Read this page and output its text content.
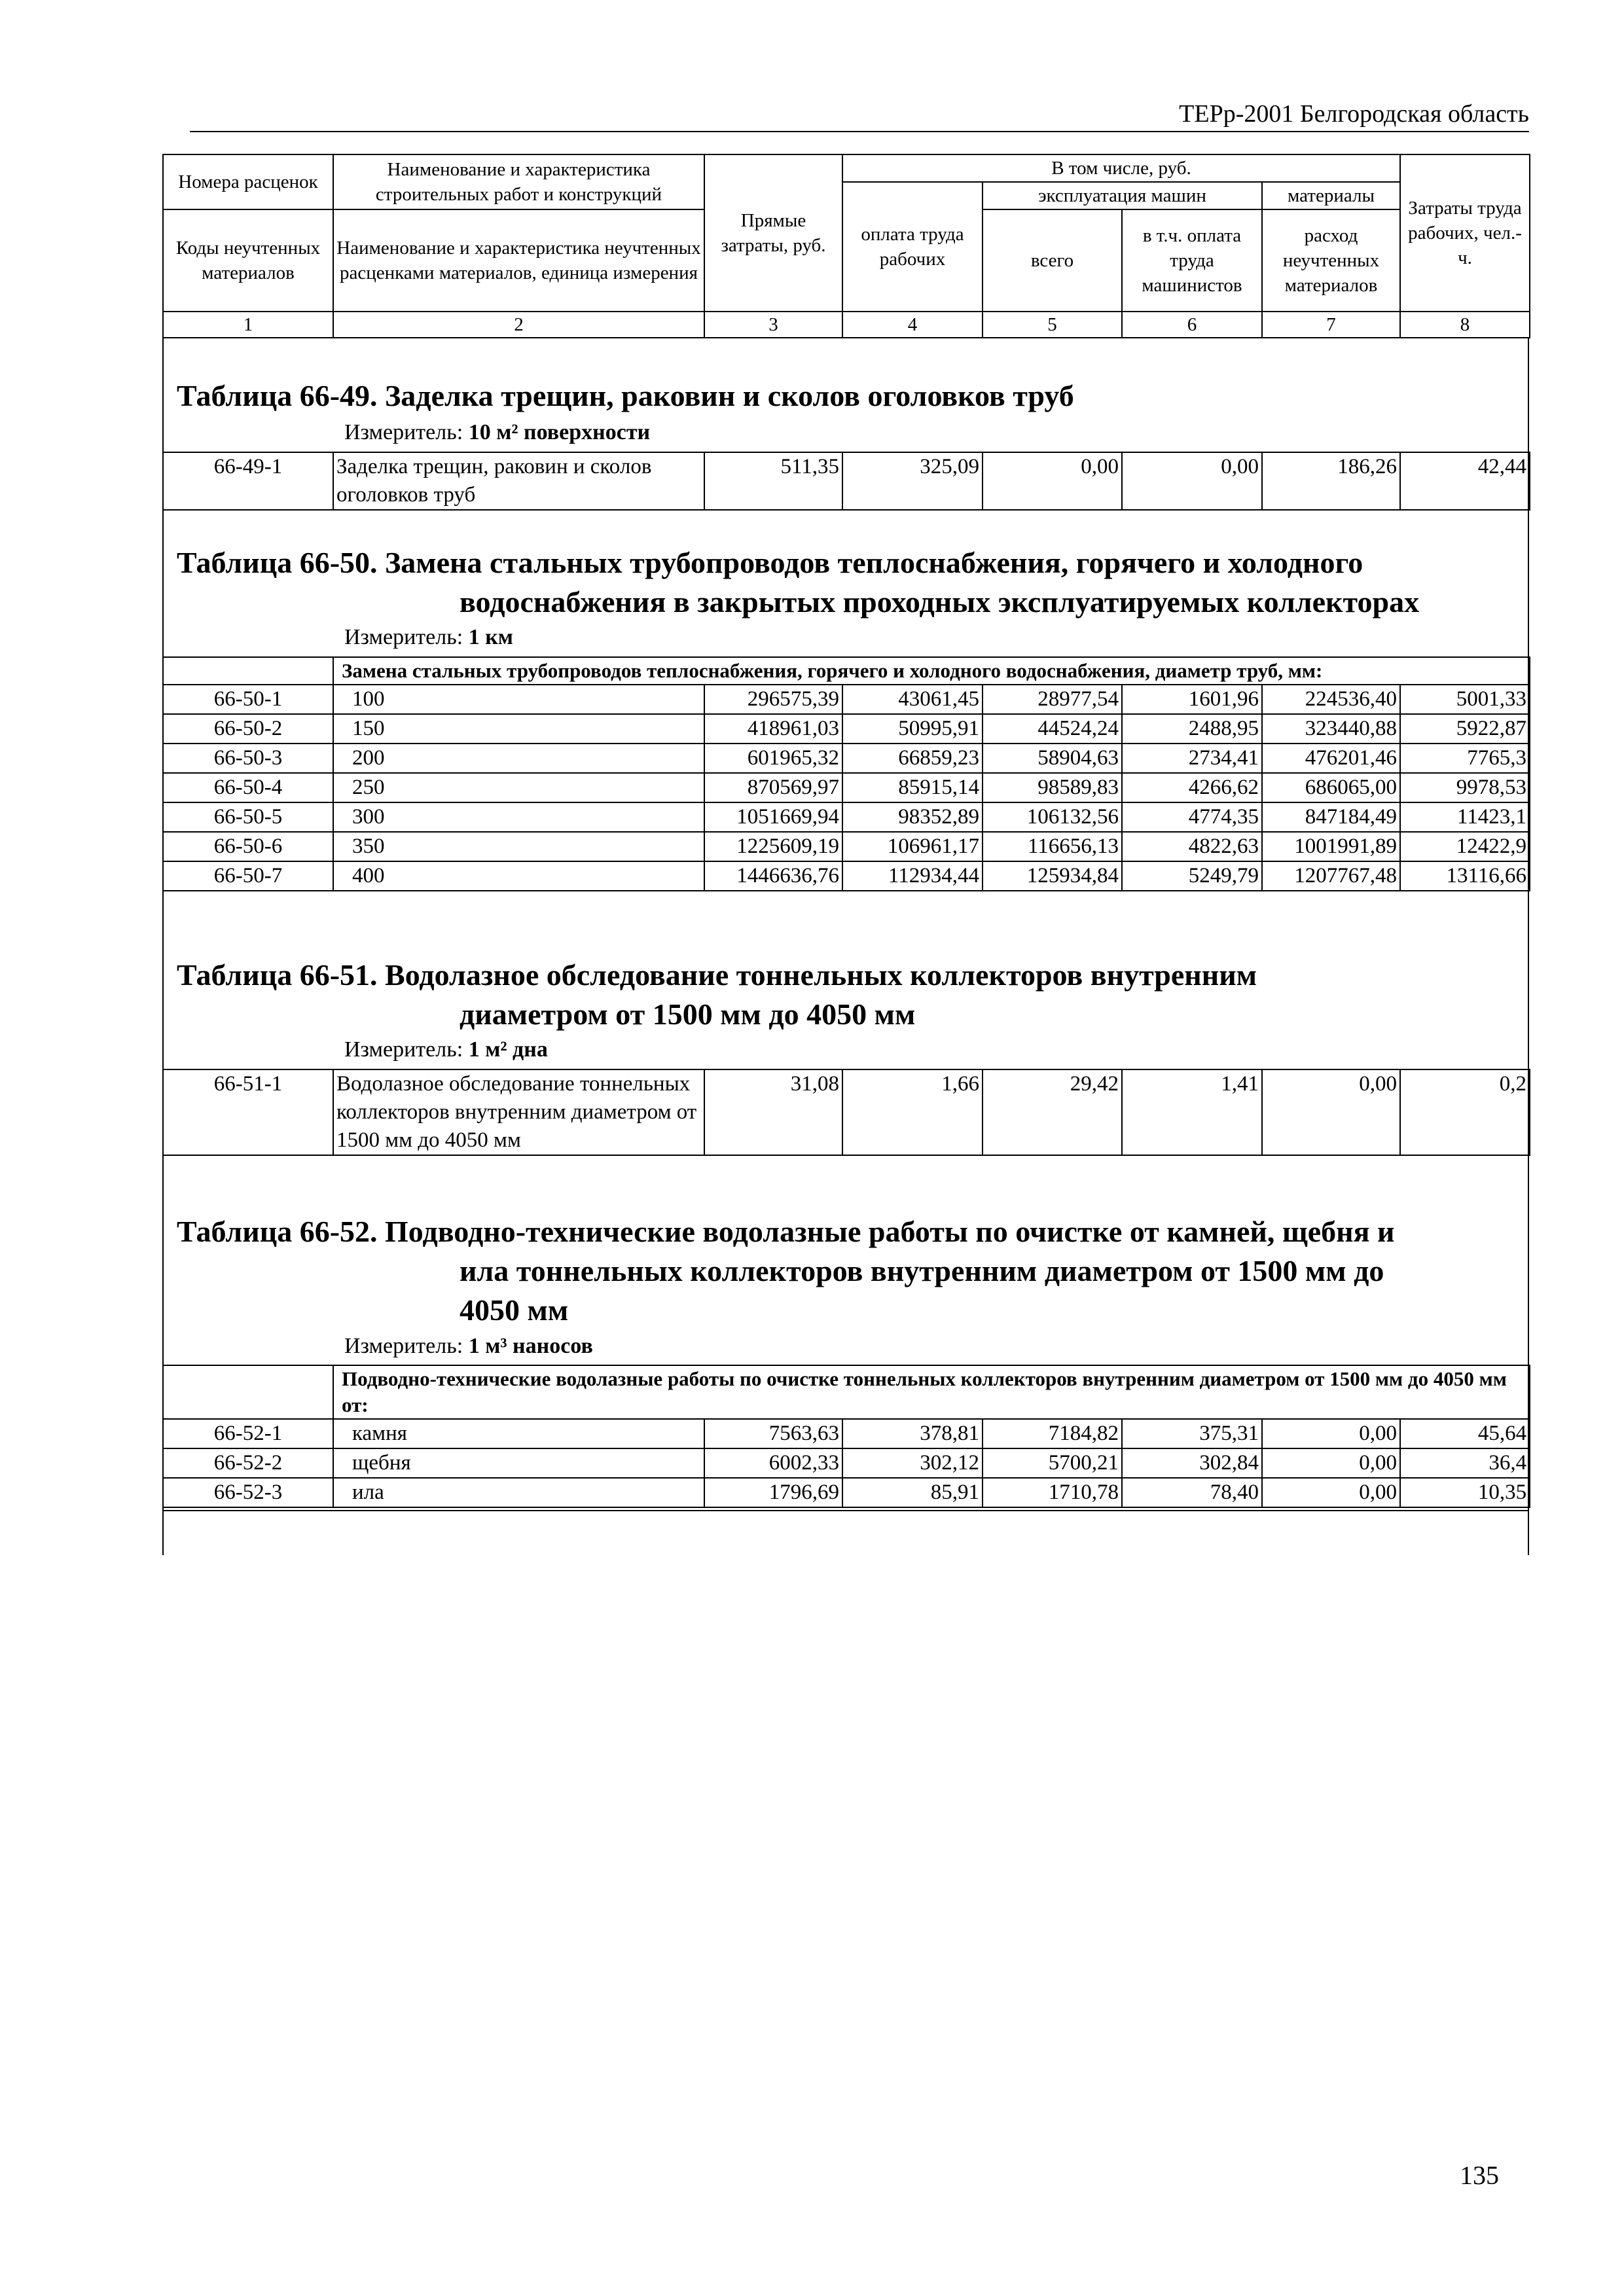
ТЕРр-2001 Белгородская область
Номера расценок	Наименование и характеристика строительных работ и конструкций	Прямые затраты, руб.	В том числе, руб.				Затраты труда рабочих, чел.-ч.
			оплата труда рабочих	эксплуатация машин		материалы	
Коды неучтенных материалов	Наименование и характеристика неучтенных расценками материалов, единица измерения			всего	в т.ч. оплата труда машинистов	расход неучтенных материалов	

1	2	3	4	5	6	7	8
Таблица 66-49. Заделка трещин, раковин и сколов оголовков труб
Измеритель: 10 м² поверхности
66-49-1	Заделка трещин, раковин и сколов оголовков труб	511,35	325,09	0,00	0,00	186,26	42,44
Таблица 66-50. Замена стальных трубопроводов теплоснабжения, горячего и холодного
водоснабжения в закрытых проходных эксплуатируемых коллекторах
Измеритель: 1 км
	Замена стальных трубопроводов теплоснабжения, горячего и холодного водоснабжения, диаметр труб, мм:						
66-50-1	100	296575,39	43061,45	28977,54	1601,96	224536,40	5001,33
66-50-2	150	418961,03	50995,91	44524,24	2488,95	323440,88	5922,87
66-50-3	200	601965,32	66859,23	58904,63	2734,41	476201,46	7765,3
66-50-4	250	870569,97	85915,14	98589,83	4266,62	686065,00	9978,53
66-50-5	300	1051669,94	98352,89	106132,56	4774,35	847184,49	11423,1
66-50-6	350	1225609,19	106961,17	116656,13	4822,63	1001991,89	12422,9
66-50-7	400	1446636,76	112934,44	125934,84	5249,79	1207767,48	13116,66
Таблица 66-51. Водолазное обследование тоннельных коллекторов внутренним
диаметром от 1500 мм до 4050 мм
Измеритель: 1 м² дна
66-51-1	Водолазное обследование тоннельных коллекторов внутренним диаметром от 1500 мм до 4050 мм	31,08	1,66	29,42	1,41	0,00	0,2
Таблица 66-52. Подводно-технические водолазные работы по очистке от камней, щебня и
ила тоннельных коллекторов внутренним диаметром от 1500 мм до
4050 мм
Измеритель: 1 м³ наносов
	Подводно-технические водолазные работы по очистке тоннельных коллекторов внутренним диаметром от 1500 мм до 4050 мм от:						
66-52-1	камня	7563,63	378,81	7184,82	375,31	0,00	45,64
66-52-2	щебня	6002,33	302,12	5700,21	302,84	0,00	36,4
66-52-3	ила	1796,69	85,91	1710,78	78,40	0,00	10,35
135
